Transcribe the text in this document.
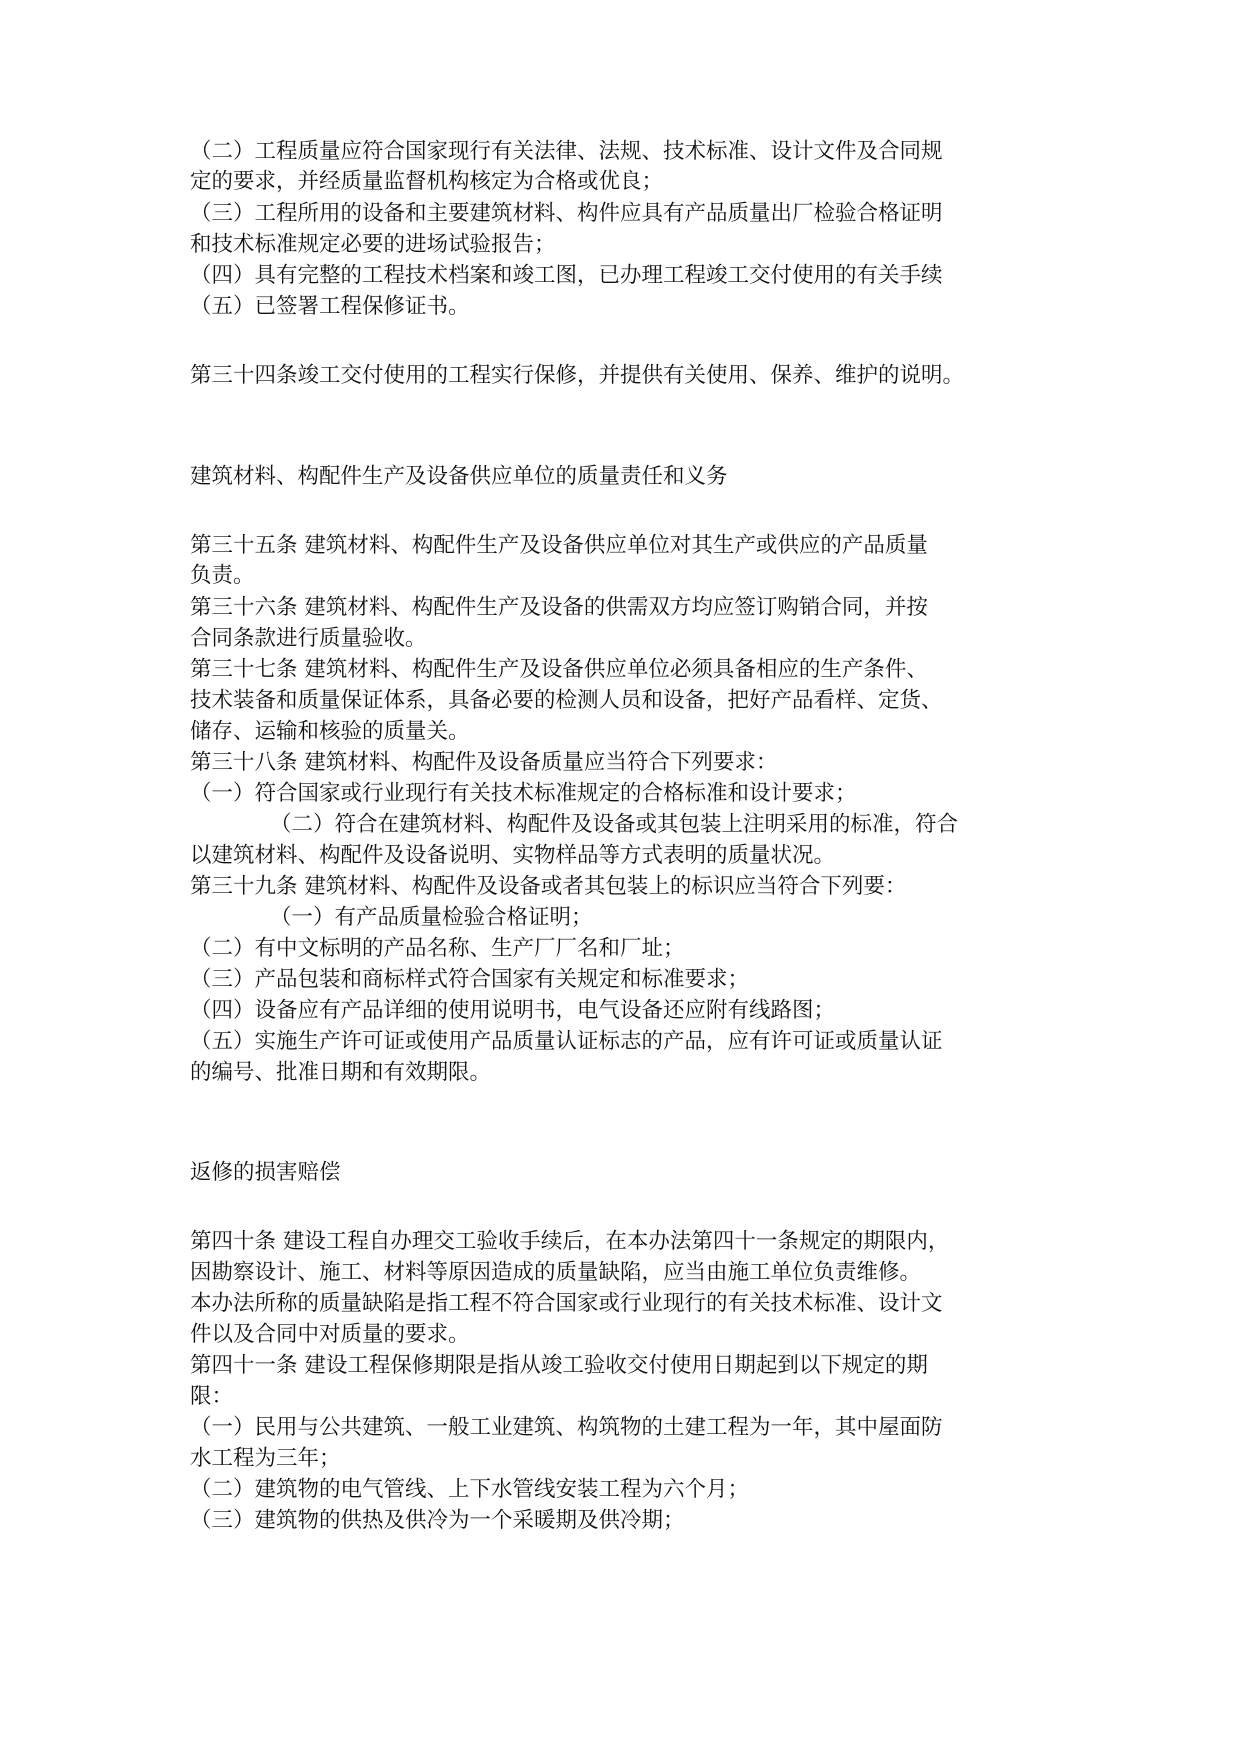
（二）工程质量应符合国家现行有关法律、法规、技术标准、设计文件及合同规
定的要求，并经质量监督机构核定为合格或优良；
（三）工程所用的设备和主要建筑材料、构件应具有产品质量出厂检验合格证明
和技术标准规定必要的进场试验报告；
（四）具有完整的工程技术档案和竣工图，已办理工程竣工交付使用的有关手续
（五）已签署工程保修证书。
第三十四条竣工交付使用的工程实行保修，并提供有关使用、保养、维护的说明。
建筑材料、构配件生产及设备供应单位的质量责任和义务
第三十五条 建筑材料、构配件生产及设备供应单位对其生产或供应的产品质量
负责。
第三十六条 建筑材料、构配件生产及设备的供需双方均应签订购销合同，并按
合同条款进行质量验收。
第三十七条 建筑材料、构配件生产及设备供应单位必须具备相应的生产条件、
技术装备和质量保证体系，具备必要的检测人员和设备，把好产品看样、定货、
储存、运输和核验的质量关。
第三十八条 建筑材料、构配件及设备质量应当符合下列要求：
（一）符合国家或行业现行有关技术标准规定的合格标准和设计要求；
（二）符合在建筑材料、构配件及设备或其包装上注明采用的标准，符合
以建筑材料、构配件及设备说明、实物样品等方式表明的质量状况。
第三十九条 建筑材料、构配件及设备或者其包装上的标识应当符合下列要：
（一）有产品质量检验合格证明；
（二）有中文标明的产品名称、生产厂厂名和厂址；
（三）产品包装和商标样式符合国家有关规定和标准要求；
（四）设备应有产品详细的使用说明书，电气设备还应附有线路图；
（五）实施生产许可证或使用产品质量认证标志的产品，应有许可证或质量认证
的编号、批准日期和有效期限。
返修的损害赔偿
第四十条 建设工程自办理交工验收手续后，在本办法第四十一条规定的期限内，
因勘察设计、施工、材料等原因造成的质量缺陷，应当由施工单位负责维修。
本办法所称的质量缺陷是指工程不符合国家或行业现行的有关技术标准、设计文
件以及合同中对质量的要求。
第四十一条 建设工程保修期限是指从竣工验收交付使用日期起到以下规定的期
限：
（一）民用与公共建筑、一般工业建筑、构筑物的土建工程为一年，其中屋面防
水工程为三年；
（二）建筑物的电气管线、上下水管线安装工程为六个月；
（三）建筑物的供热及供冷为一个采暖期及供冷期；
